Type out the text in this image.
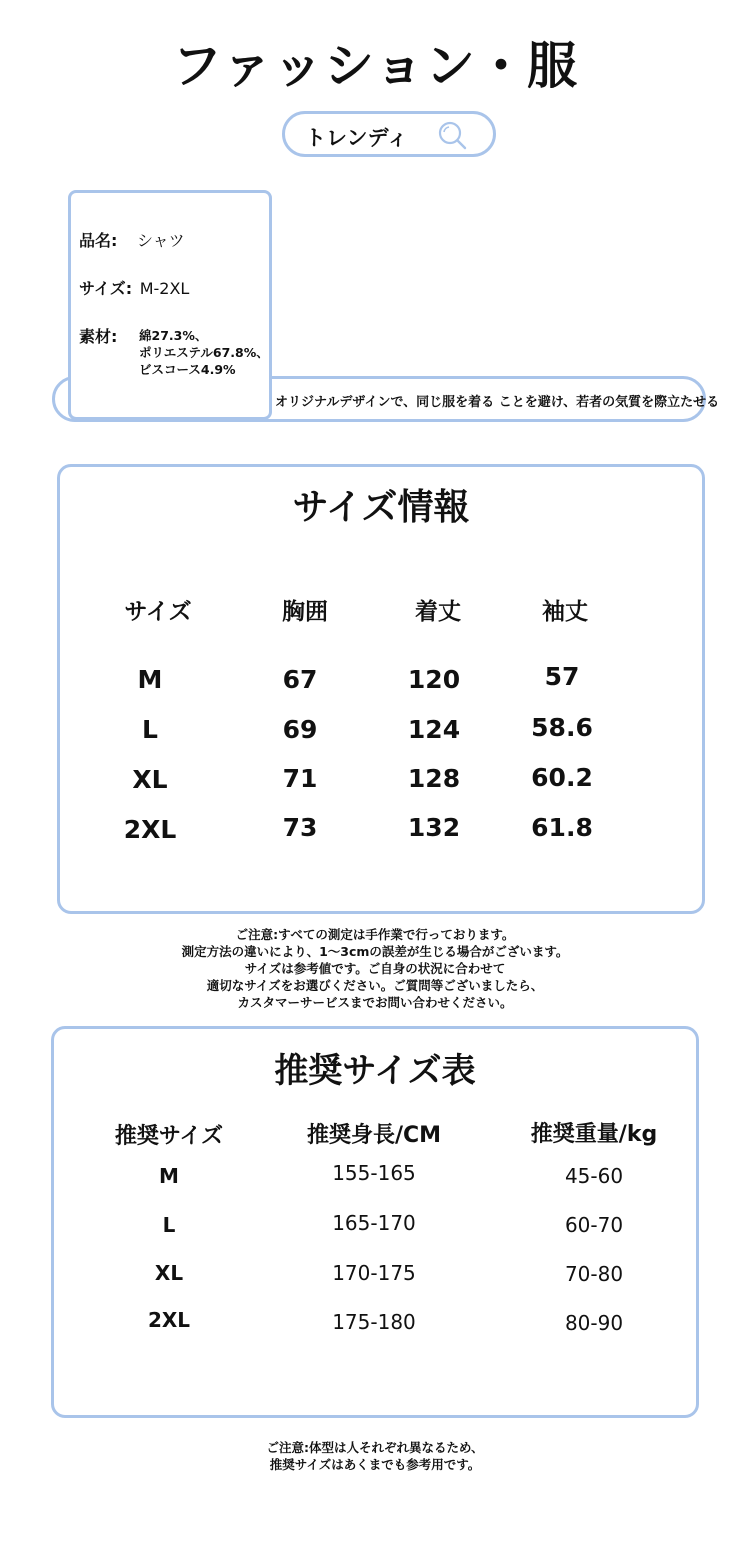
ファッション・服
トレンディ
オリジナルデザインで、同じ服を着る ことを避け、若者の気質を際立たせる
品名: シャツ
サイズ: M-2XL
素材: 綿27.3%、
ポリエステル67.8%、
ビスコース4.9%
サイズ情報
サイズ	胸囲	着丈	袖丈
M	67	120	57
L	69	124	58.6
XL	71	128	60.2
2XL	73	132	61.8
ご注意:すべての測定は手作業で行っております。
測定方法の違いにより、1～3cmの誤差が生じる場合がございます。
サイズは参考値です。ご自身の状況に合わせて
適切なサイズをお選びください。ご質問等ございましたら、
カスタマーサービスまでお問い合わせください。
推奨サイズ表
推奨サイズ	推奨身長/CM	推奨重量/kg
M	155-165	45-60
L	165-170	60-70
XL	170-175	70-80
2XL	175-180	80-90
ご注意:体型は人それぞれ異なるため、
推奨サイズはあくまでも参考用です。
